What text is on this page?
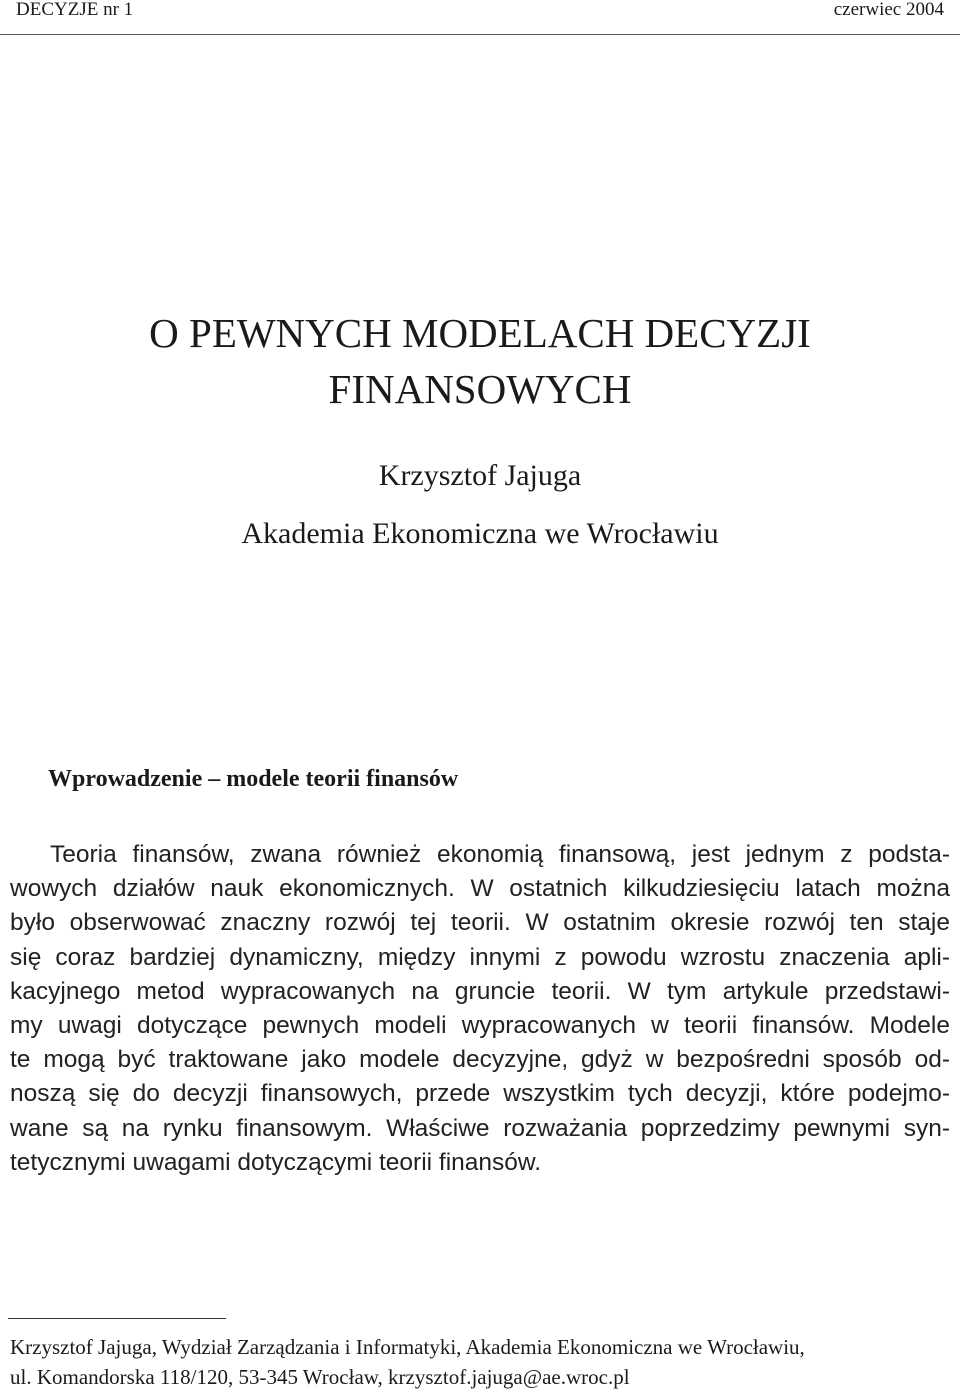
DECYZJE nr 1	czerwiec 2004
O PEWNYCH MODELACH DECYZJI
FINANSOWYCH
Krzysztof Jajuga
Akademia Ekonomiczna we Wrocławiu
Wprowadzenie – modele teorii finansów

Teoria finansów, zwana również ekonomią finansową, jest jednym z podsta-
wowych działów nauk ekonomicznych. W ostatnich kilkudziesięciu latach można
było obserwować znaczny rozwój tej teorii. W ostatnim okresie rozwój ten staje
się coraz bardziej dynamiczny, między innymi z powodu wzrostu znaczenia apli-
kacyjnego metod wypracowanych na gruncie teorii. W tym artykule przedstawi-
my uwagi dotyczące pewnych modeli wypracowanych w teorii finansów. Modele
te mogą być traktowane jako modele decyzyjne, gdyż w bezpośredni sposób od-
noszą się do decyzji finansowych, przede wszystkim tych decyzji, które podejmo-
wane są na rynku finansowym. Właściwe rozważania poprzedzimy pewnymi syn-
tetycznymi uwagami dotyczącymi teorii finansów.

Krzysztof Jajuga, Wydział Zarządzania i Informatyki, Akademia Ekonomiczna we Wrocławiu,
ul. Komandorska 118/120, 53-345 Wrocław, krzysztof.jajuga@ae.wroc.pl
